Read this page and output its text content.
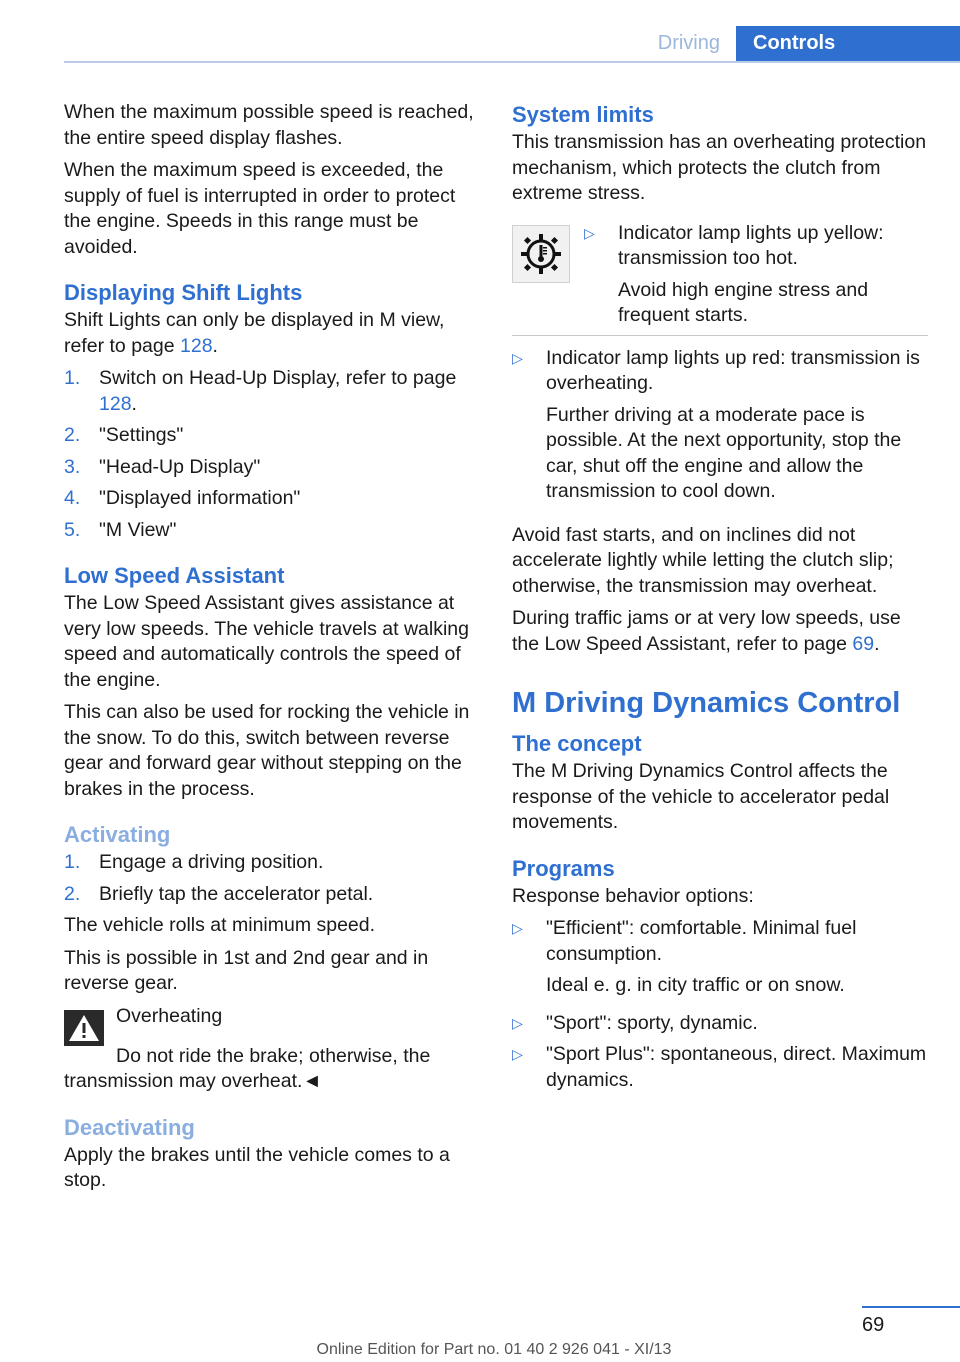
Driving	Controls

When the maximum possible speed is reached, the entire speed display flashes.

When the maximum speed is exceeded, the supply of fuel is interrupted in order to protect the engine. Speeds in this range must be avoided.

Displaying Shift Lights

Shift Lights can only be displayed in M view, refer to page 128.

1. Switch on Head-Up Display, refer to page 128.
2. "Settings"
3. "Head-Up Display"
4. "Displayed information"
5. "M View"
Low Speed Assistant

The Low Speed Assistant gives assistance at very low speeds. The vehicle travels at walking speed and automatically controls the speed of the engine.

This can also be used for rocking the vehicle in the snow. To do this, switch between reverse gear and forward gear without stepping on the brakes in the process.

Activating
1. Engage a driving position.
2. Briefly tap the accelerator petal.

The vehicle rolls at minimum speed.

This is possible in 1st and 2nd gear and in reverse gear.

Overheating

Do not ride the brake; otherwise, the transmission may overheat.◄

Deactivating

Apply the brakes until the vehicle comes to a stop.

System limits

This transmission has an overheating protection mechanism, which protects the clutch from extreme stress.

▷	Indicator lamp lights up yellow: transmission too hot.

Avoid high engine stress and frequent starts.

▷	Indicator lamp lights up red: transmission is overheating.

Further driving at a moderate pace is possible. At the next opportunity, stop the car, shut off the engine and allow the transmission to cool down.

Avoid fast starts, and on inclines did not accelerate lightly while letting the clutch slip; otherwise, the transmission may overheat.

During traffic jams or at very low speeds, use the Low Speed Assistant, refer to page 69.

M Driving Dynamics Control
The concept

The M Driving Dynamics Control affects the response of the vehicle to accelerator pedal movements.

Programs

Response behavior options:

▷	"Efficient": comfortable. Minimal fuel consumption.

Ideal e. g. in city traffic or on snow.

▷	"Sport": sporty, dynamic.
▷	"Sport Plus": spontaneous, direct. Maximum dynamics.
69
Online Edition for Part no. 01 40 2 926 041 - XI/13
